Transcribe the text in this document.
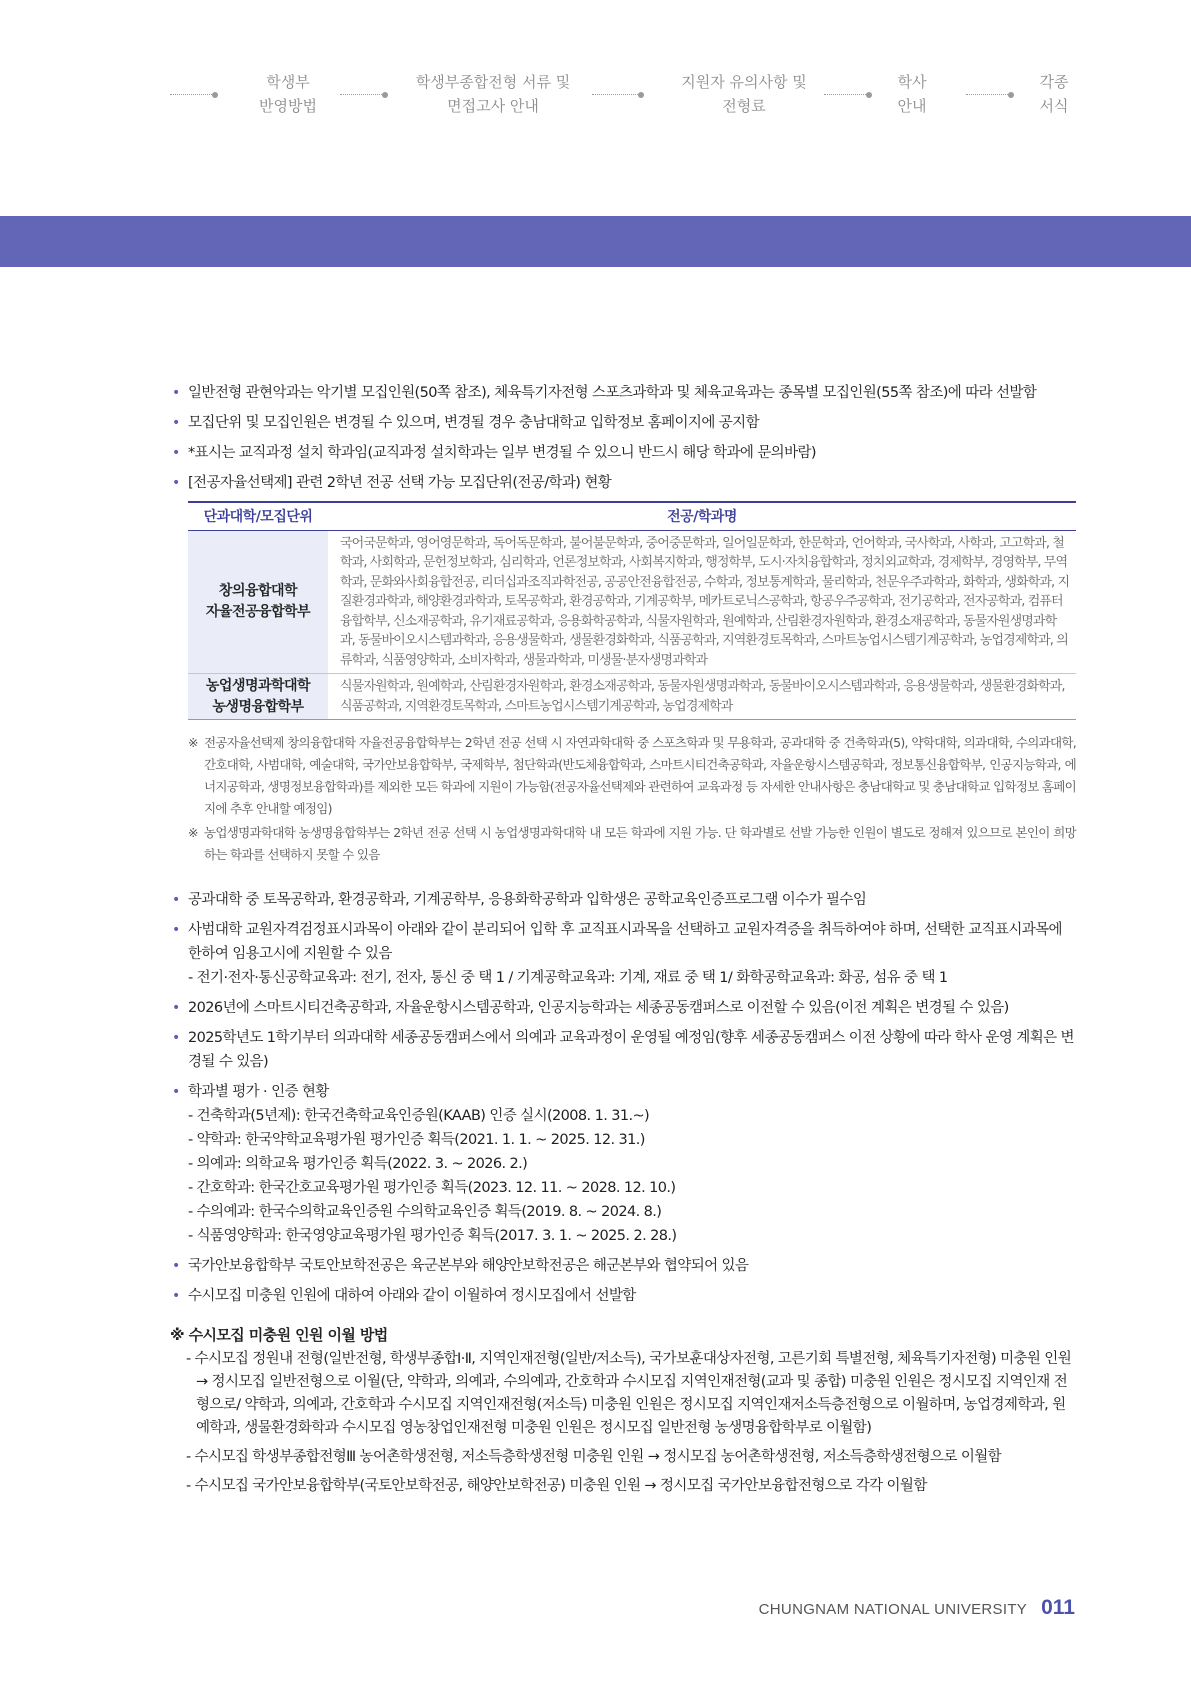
학생부
반영방법
학생부종합전형 서류 및
면접고사 안내
지원자 유의사항 및
전형료
학사
안내
각종
서식
• 일반전형 관현악과는 악기별 모집인원(50쪽 참조), 체육특기자전형 스포츠과학과 및 체육교육과는 종목별 모집인원(55쪽 참조)에 따라 선발함
• 모집단위 및 모집인원은 변경될 수 있으며, 변경될 경우 충남대학교 입학정보 홈페이지에 공지함
• *표시는 교직과정 설치 학과임(교직과정 설치학과는 일부 변경될 수 있으니 반드시 해당 학과에 문의바람)
• [전공자율선택제] 관련 2학년 전공 선택 가능 모집단위(전공/학과) 현황
단과대학/모집단위	전공/학과명
창의융합대학
자율전공융합학부	국어국문학과, 영어영문학과, 독어독문학과, 불어불문학과, 중어중문학과, 일어일문학과, 한문학과, 언어학과, 국사학과, 사학과, 고고학과, 철학과, 사회학과, 문헌정보학과, 심리학과, 언론정보학과, 사회복지학과, 행정학부, 도시·자치융합학과, 정치외교학과, 경제학부, 경영학부, 무역학과, 문화와사회융합전공, 리더십과조직과학전공, 공공안전융합전공, 수학과, 정보통계학과, 물리학과, 천문우주과학과, 화학과, 생화학과, 지질환경과학과, 해양환경과학과, 토목공학과, 환경공학과, 기계공학부, 메카트로닉스공학과, 항공우주공학과, 전기공학과, 전자공학과, 컴퓨터융합학부, 신소재공학과, 유기재료공학과, 응용화학공학과, 식물자원학과, 원예학과, 산림환경자원학과, 환경소재공학과, 동물자원생명과학과, 동물바이오시스템과학과, 응용생물학과, 생물환경화학과, 식품공학과, 지역환경토목학과, 스마트농업시스템기계공학과, 농업경제학과, 의류학과, 식품영양학과, 소비자학과, 생물과학과, 미생물·분자생명과학과
농업생명과학대학
농생명융합학부	식물자원학과, 원예학과, 산림환경자원학과, 환경소재공학과, 동물자원생명과학과, 동물바이오시스템과학과, 응용생물학과, 생물환경화학과, 식품공학과, 지역환경토목학과, 스마트농업시스템기계공학과, 농업경제학과
※ 전공자율선택제 창의융합대학 자율전공융합학부는 2학년 전공 선택 시 자연과학대학 중 스포츠학과 및 무용학과, 공과대학 중 건축학과(5), 약학대학, 의과대학, 수의과대학, 간호대학, 사범대학, 예술대학, 국가안보융합학부, 국제학부, 첨단학과(반도체융합학과, 스마트시티건축공학과, 자율운항시스템공학과, 정보통신융합학부, 인공지능학과, 에너지공학과, 생명정보융합학과)를 제외한 모든 학과에 지원이 가능함(전공자율선택제와 관련하여 교육과정 등 자세한 안내사항은 충남대학교 및 충남대학교 입학정보 홈페이지에 추후 안내할 예정임)
※ 농업생명과학대학 농생명융합학부는 2학년 전공 선택 시 농업생명과학대학 내 모든 학과에 지원 가능. 단 학과별로 선발 가능한 인원이 별도로 정해져 있으므로 본인이 희망하는 학과를 선택하지 못할 수 있음
• 공과대학 중 토목공학과, 환경공학과, 기계공학부, 응용화학공학과 입학생은 공학교육인증프로그램 이수가 필수임
• 사범대학 교원자격검정표시과목이 아래와 같이 분리되어 입학 후 교직표시과목을 선택하고 교원자격증을 취득하여야 하며, 선택한 교직표시과목에 한하여 임용고시에 지원할 수 있음
- 전기·전자·통신공학교육과: 전기, 전자, 통신 중 택 1 / 기계공학교육과: 기계, 재료 중 택 1/ 화학공학교육과: 화공, 섬유 중 택 1
• 2026년에 스마트시티건축공학과, 자율운항시스템공학과, 인공지능학과는 세종공동캠퍼스로 이전할 수 있음(이전 계획은 변경될 수 있음)
• 2025학년도 1학기부터 의과대학 세종공동캠퍼스에서 의예과 교육과정이 운영될 예정임(향후 세종공동캠퍼스 이전 상황에 따라 학사 운영 계획은 변경될 수 있음)
• 학과별 평가 · 인증 현황
- 건축학과(5년제): 한국건축학교육인증원(KAAB) 인증 실시(2008. 1. 31.~)
- 약학과: 한국약학교육평가원 평가인증 획득(2021. 1. 1. ~ 2025. 12. 31.)
- 의예과: 의학교육 평가인증 획득(2022. 3. ~ 2026. 2.)
- 간호학과: 한국간호교육평가원 평가인증 획득(2023. 12. 11. ~ 2028. 12. 10.)
- 수의예과: 한국수의학교육인증원 수의학교육인증 획득(2019. 8. ~ 2024. 8.)
- 식품영양학과: 한국영양교육평가원 평가인증 획득(2017. 3. 1. ~ 2025. 2. 28.)
• 국가안보융합학부 국토안보학전공은 육군본부와 해양안보학전공은 해군본부와 협약되어 있음
• 수시모집 미충원 인원에 대하여 아래와 같이 이월하여 정시모집에서 선발함
※ 수시모집 미충원 인원 이월 방법
- 수시모집 정원내 전형(일반전형, 학생부종합Ⅰ·Ⅱ, 지역인재전형(일반/저소득), 국가보훈대상자전형, 고른기회 특별전형, 체육특기자전형) 미충원 인원
→ 정시모집 일반전형으로 이월(단, 약학과, 의예과, 수의예과, 간호학과 수시모집 지역인재전형(교과 및 종합) 미충원 인원은 정시모집 지역인재 전형으로/ 약학과, 의예과, 간호학과 수시모집 지역인재전형(저소득) 미충원 인원은 정시모집 지역인재저소득층전형으로 이월하며, 농업경제학과, 원예학과, 생물환경화학과 수시모집 영농창업인재전형 미충원 인원은 정시모집 일반전형 농생명융합학부로 이월함)
- 수시모집 학생부종합전형Ⅲ 농어촌학생전형, 저소득층학생전형 미충원 인원 → 정시모집 농어촌학생전형, 저소득층학생전형으로 이월함
- 수시모집 국가안보융합학부(국토안보학전공, 해양안보학전공) 미충원 인원 → 정시모집 국가안보융합전형으로 각각 이월함
CHUNGNAM NATIONAL UNIVERSITY 011
